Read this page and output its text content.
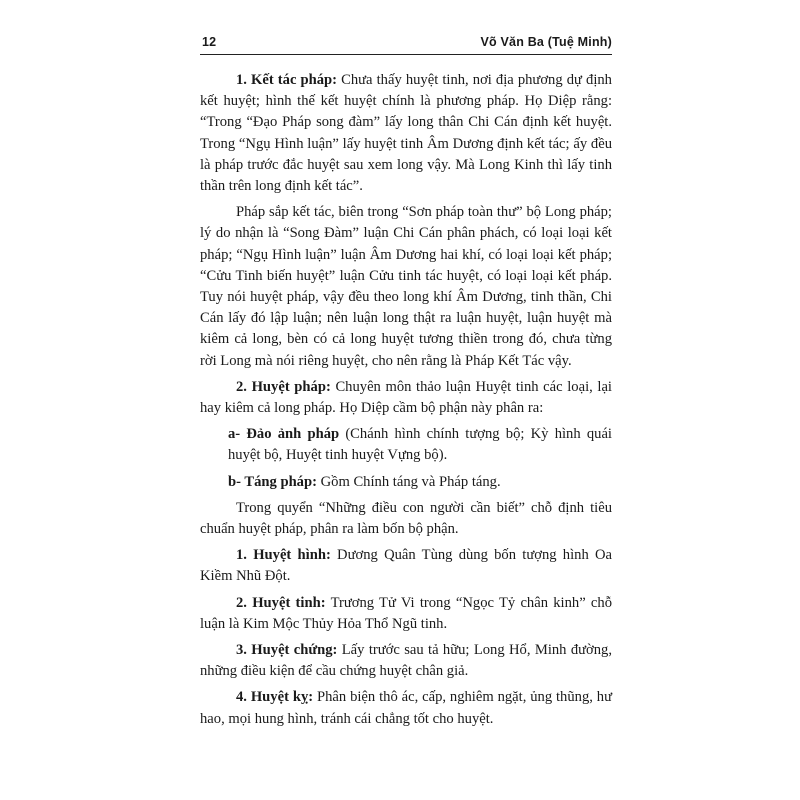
12	Võ Văn Ba (Tuệ Minh)

1. Kết tác pháp: Chưa thấy huyệt tinh, nơi địa phương dự định kết huyệt; hình thế kết huyệt chính là phương pháp. Họ Diệp rằng: “Trong “Đạo Pháp song đàm” lấy long thân Chi Cán định kết huyệt. Trong “Ngụ Hình luận” lấy huyệt tinh Âm Dương định kết tác; ấy đều là pháp trước đắc huyệt sau xem long vậy. Mà Long Kinh thì lấy tinh thần trên long định kết tác”.

Pháp sắp kết tác, biên trong “Sơn pháp toàn thư” bộ Long pháp; lý do nhận là “Song Đàm” luận Chi Cán phân phách, có loại loại kết pháp; “Ngụ Hình luận” luận Âm Dương hai khí, có loại loại kết pháp; “Cửu Tinh biến huyệt” luận Cửu tinh tác huyệt, có loại loại kết pháp. Tuy nói huyệt pháp, vậy đều theo long khí Âm Dương, tinh thần, Chi Cán lấy đó lập luận; nên luận long thật ra luận huyệt, luận huyệt mà kiêm cả long, bèn có cả long huyệt tương thiền trong đó, chưa từng rời Long mà nói riêng huyệt, cho nên rằng là Pháp Kết Tác vậy.

2. Huyệt pháp: Chuyên môn thảo luận Huyệt tinh các loại, lại hay kiêm cả long pháp. Họ Diệp cầm bộ phận này phân ra:

a- Đảo ảnh pháp (Chánh hình chính tượng bộ; Kỳ hình quái huyệt bộ, Huyệt tinh huyệt Vựng bộ).

b- Táng pháp: Gồm Chính táng và Pháp táng.

Trong quyển “Những điều con người cần biết” chỗ định tiêu chuẩn huyệt pháp, phân ra làm bốn bộ phận.

1. Huyệt hình: Dương Quân Tùng dùng bốn tượng hình Oa Kiềm Nhũ Đột.

2. Huyệt tinh: Trương Tử Vi trong “Ngọc Tỷ chân kinh” chỗ luận là Kim Mộc Thủy Hỏa Thổ Ngũ tinh.

3. Huyệt chứng: Lấy trước sau tả hữu; Long Hổ, Minh đường, những điều kiện để cầu chứng huyệt chân giả.

4. Huyệt kỵ: Phân biện thô ác, cấp, nghiêm ngặt, ủng thũng, hư hao, mọi hung hình, tránh cái chẳng tốt cho huyệt.
